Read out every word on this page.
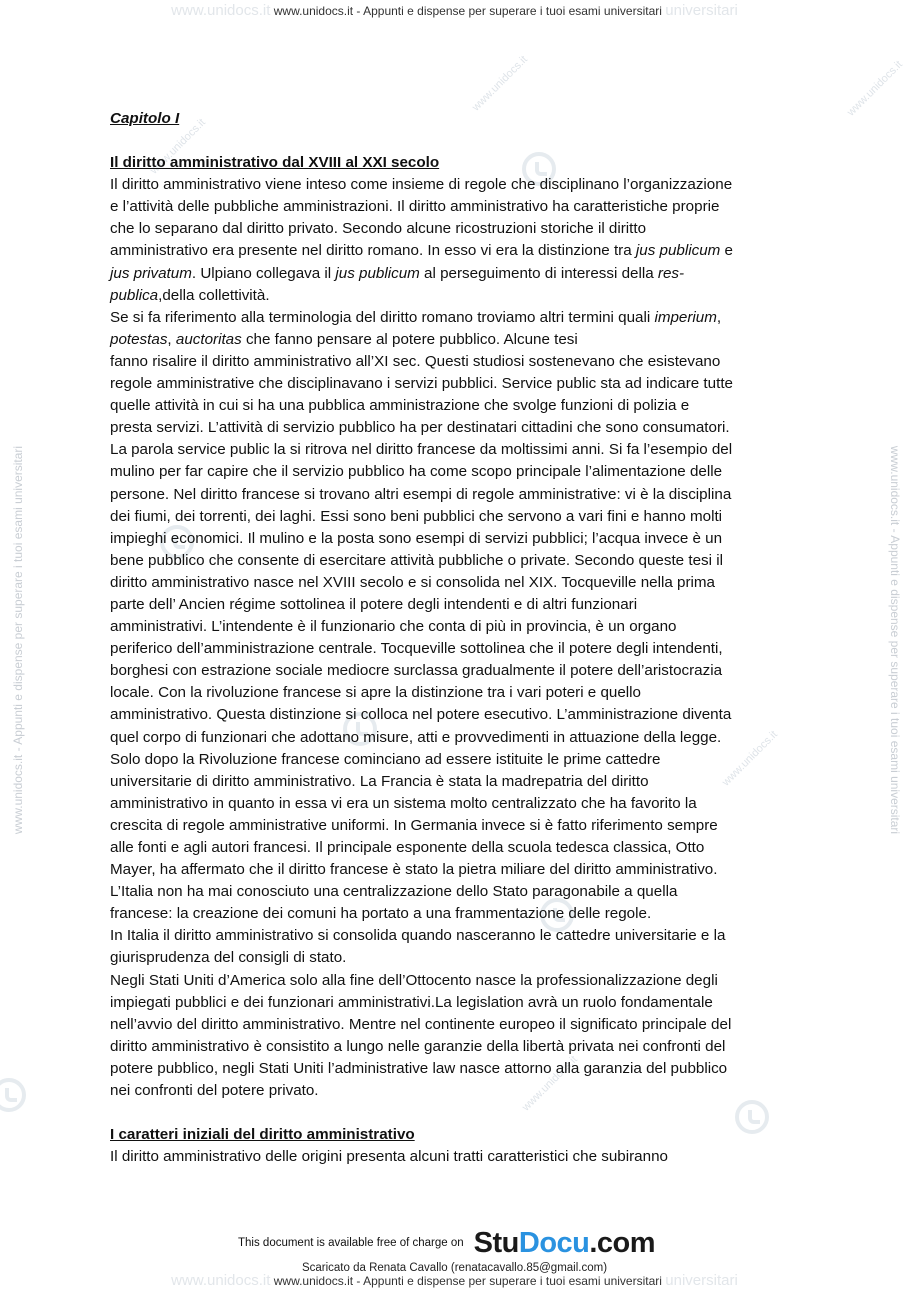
www.unidocs.it www.unidocs.it - Appunti e dispense per superare i tuoi esami universitari universitari
www.unidocs.it - Appunti e dispense per superare i tuoi esami universitari	www.unidocs.it - Appunti e dispense per superare i tuoi esami universitari
www.unidocs.it
www.unidocs.it	www.unidocs.it
www.unidocs.it
www.unidocs.it

Capitolo I

Il diritto amministrativo dal XVIII al XXI secolo

Il diritto amministrativo viene inteso come insieme di regole che disciplinano l’organizzazione

e l’attività delle pubbliche amministrazioni. Il diritto amministrativo ha caratteristiche proprie

che lo separano dal diritto privato. Secondo alcune ricostruzioni storiche il diritto

amministrativo era presente nel diritto romano. In esso vi era la distinzione tra jus publicum e

jus privatum. Ulpiano collegava il jus publicum al perseguimento di interessi della res-

publica,della collettività.

Se si fa riferimento alla terminologia del diritto romano troviamo altri termini quali imperium,

potestas, auctoritas che fanno pensare al potere pubblico. Alcune tesi

fanno risalire il diritto amministrativo all’XI sec. Questi studiosi sostenevano che esistevano

regole amministrative che disciplinavano i servizi pubblici. Service public sta ad indicare tutte

quelle attività in cui si ha una pubblica amministrazione che svolge funzioni di polizia e

presta servizi. L’attività di servizio pubblico ha per destinatari cittadini che sono consumatori.

La parola service public la si ritrova nel diritto francese da moltissimi anni. Si fa l’esempio del

mulino per far capire che il servizio pubblico ha come scopo principale l’alimentazione delle

persone. Nel diritto francese si trovano altri esempi di regole amministrative: vi è la disciplina

dei fiumi, dei torrenti, dei laghi. Essi sono beni pubblici che servono a vari fini e hanno molti

impieghi economici. Il mulino e la posta sono esempi di servizi pubblici; l’acqua invece è un

bene pubblico che consente di esercitare attività pubbliche o private. Secondo queste tesi il

diritto amministrativo nasce nel XVIII secolo e si consolida nel XIX. Tocqueville nella prima

parte dell’ Ancien régime sottolinea il potere degli intendenti e di altri funzionari

amministrativi. L’intendente è il funzionario che conta di più in provincia, è un organo

periferico dell’amministrazione centrale. Tocqueville sottolinea che il potere degli intendenti,

borghesi con estrazione sociale mediocre surclassa gradualmente il potere dell’aristocrazia

locale. Con la rivoluzione francese si apre la distinzione tra i vari poteri e quello

amministrativo. Questa distinzione si colloca nel potere esecutivo. L’amministrazione diventa

quel corpo di funzionari che adottano misure, atti e provvedimenti in attuazione della legge.

Solo dopo la Rivoluzione francese cominciano ad essere istituite le prime cattedre

universitarie di diritto amministrativo. La Francia è stata la madrepatria del diritto

amministrativo in quanto in essa vi era un sistema molto centralizzato che ha favorito la

crescita di regole amministrative uniformi. In Germania invece si è fatto riferimento sempre

alle fonti e agli autori francesi. Il principale esponente della scuola tedesca classica, Otto

Mayer, ha affermato che il diritto francese è stato la pietra miliare del diritto amministrativo.

L’Italia non ha mai conosciuto una centralizzazione dello Stato paragonabile a quella

francese: la creazione dei comuni ha portato a una frammentazione delle regole.

In Italia il diritto amministrativo si consolida quando nasceranno le cattedre universitarie e la

giurisprudenza del consigli di stato.

Negli Stati Uniti d’America solo alla fine dell’Ottocento nasce la professionalizzazione degli

impiegati pubblici e dei funzionari amministrativi.La legislation avrà un ruolo fondamentale

nell’avvio del diritto amministrativo. Mentre nel continente europeo il significato principale del

diritto amministrativo è consistito a lungo nelle garanzie della libertà privata nei confronti del

potere pubblico, negli Stati Uniti l’administrative law nasce attorno alla garanzia del pubblico

nei confronti del potere privato.

I caratteri iniziali del diritto amministrativo

Il diritto amministrativo delle origini presenta alcuni tratti caratteristici che subiranno

This document is available free of charge on StuDocu.com
Scaricato da Renata Cavallo (renatacavallo.85@gmail.com)
www.unidocs.it www.unidocs.it - Appunti e dispense per superare i tuoi esami universitari universitari
